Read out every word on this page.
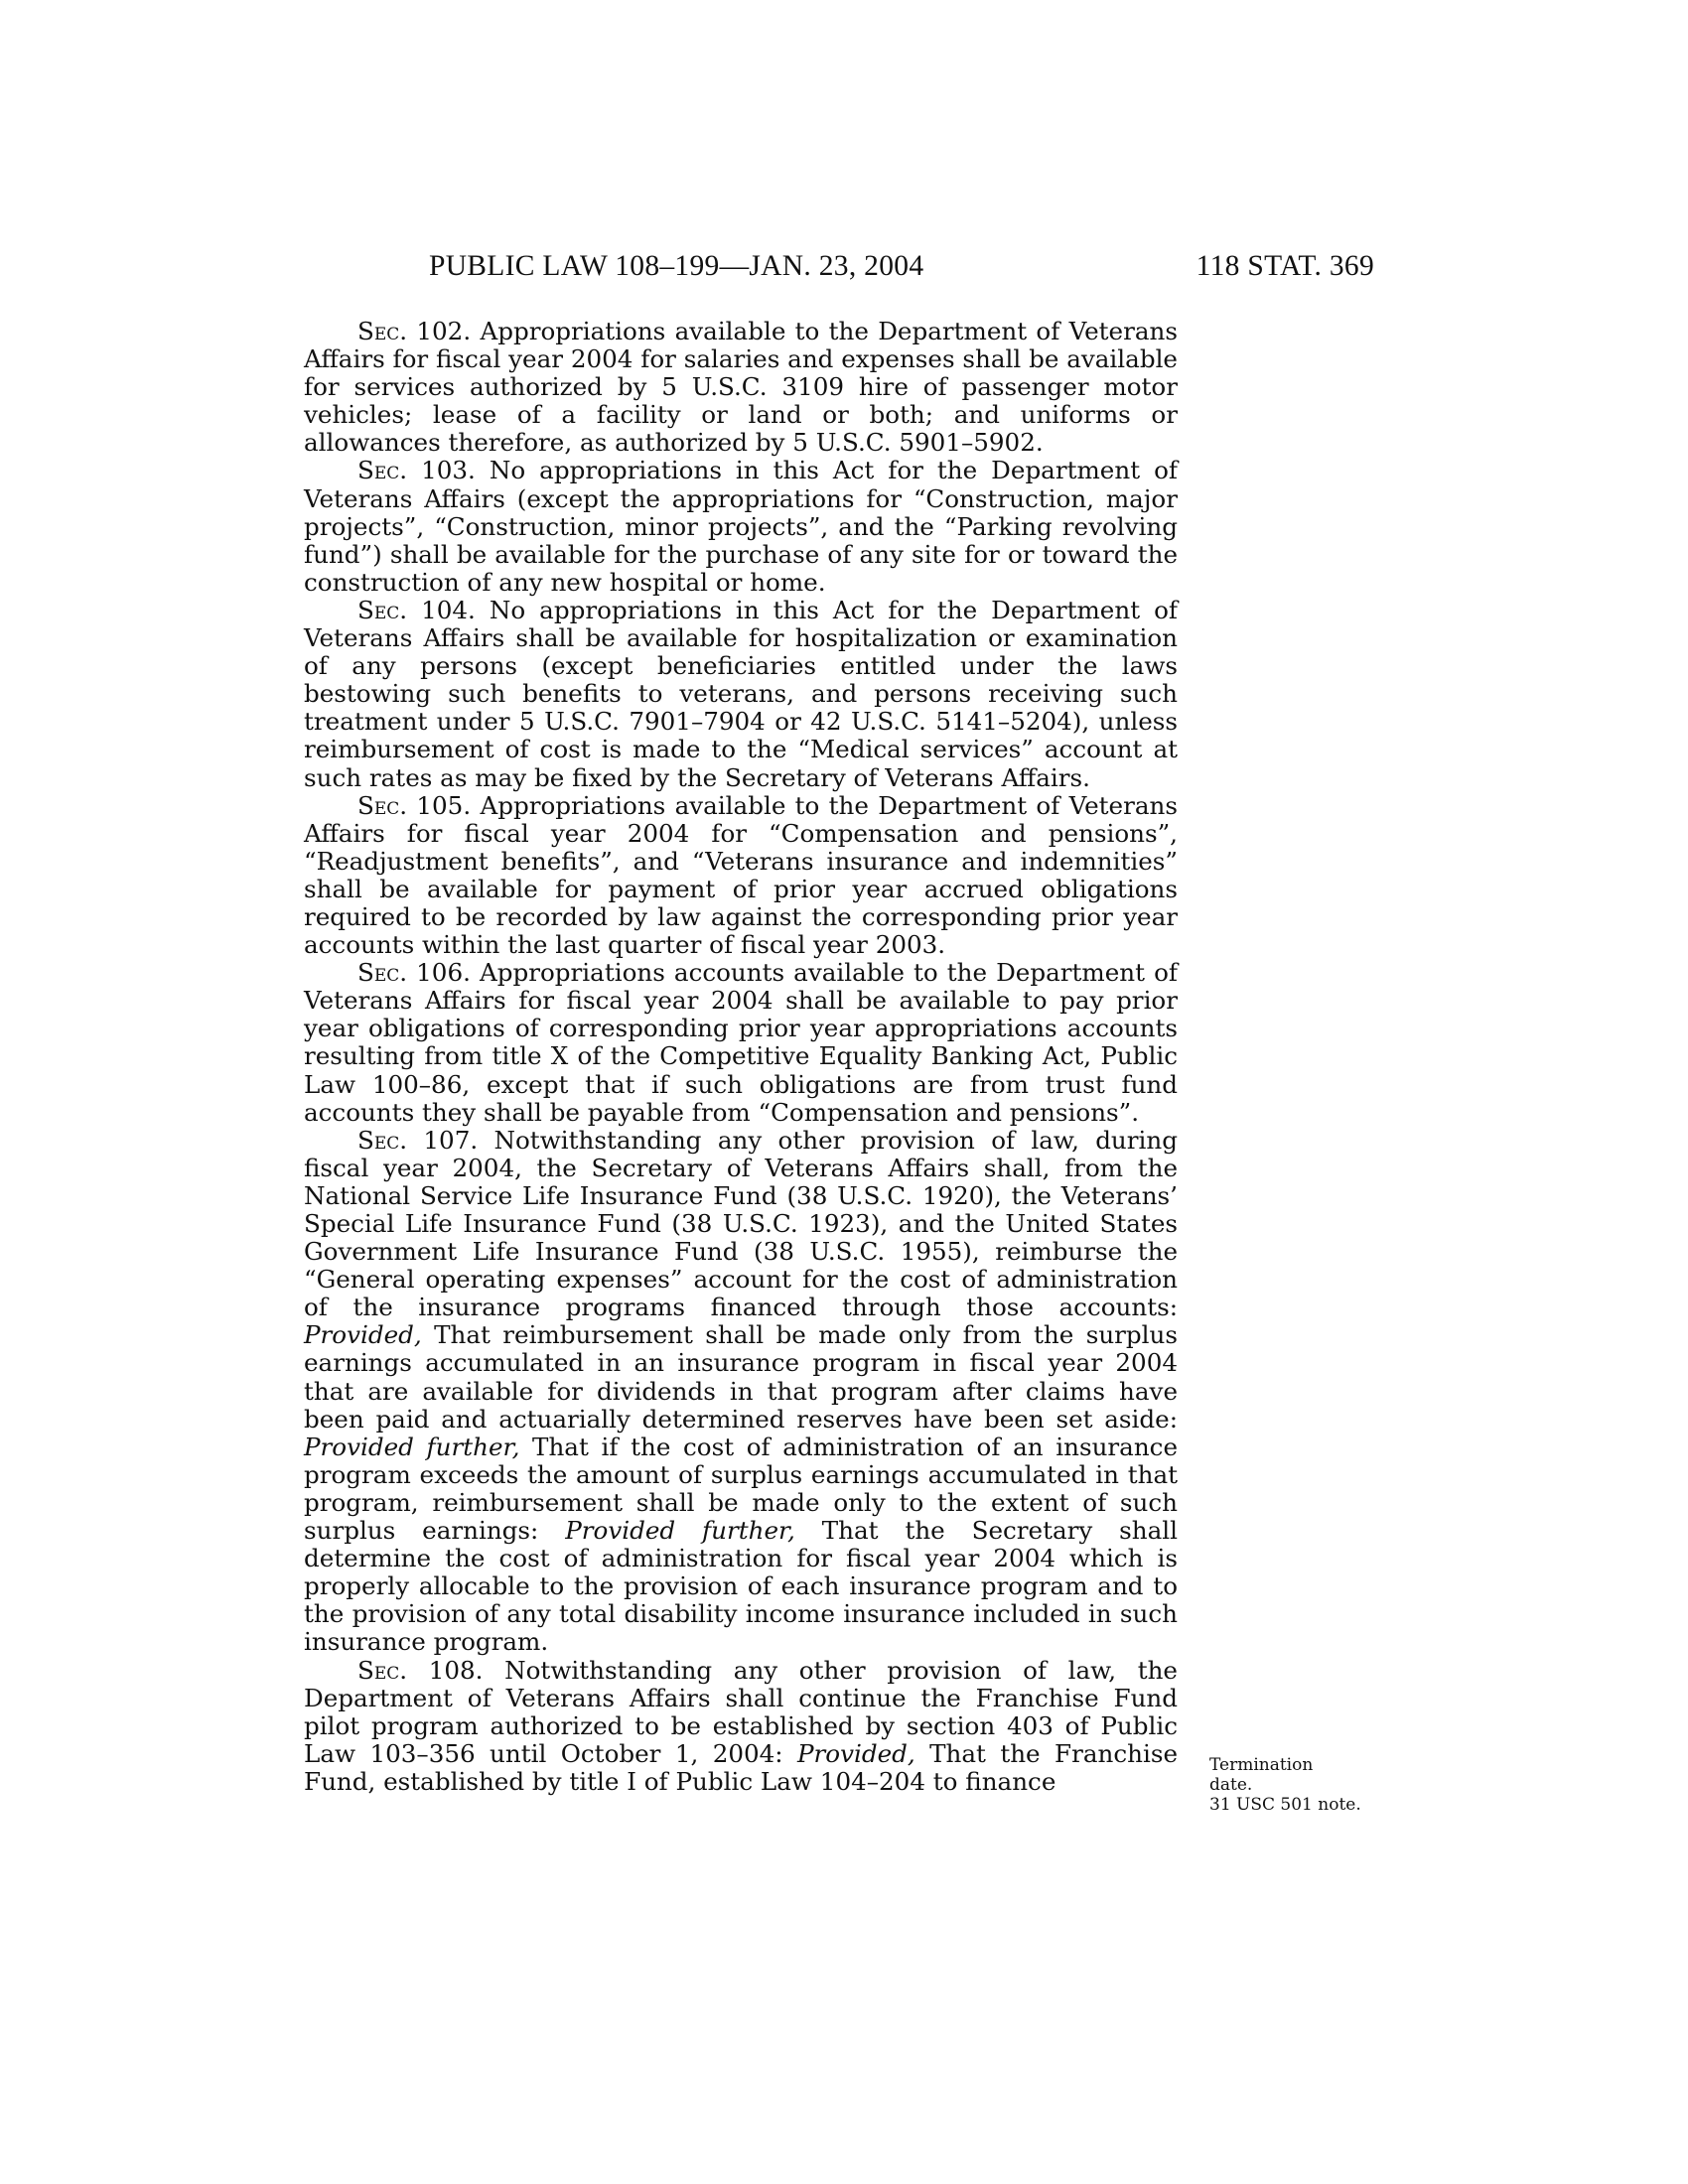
PUBLIC LAW 108–199—JAN. 23, 2004	118 STAT. 369

Sec. 102. Appropriations available to the Department of Veterans Affairs for fiscal year 2004 for salaries and expenses shall be available for services authorized by 5 U.S.C. 3109 hire of passenger motor vehicles; lease of a facility or land or both; and uniforms or allowances therefore, as authorized by 5 U.S.C. 5901–5902.

Sec. 103. No appropriations in this Act for the Department of Veterans Affairs (except the appropriations for “Construction, major projects”, “Construction, minor projects”, and the “Parking revolving fund”) shall be available for the purchase of any site for or toward the construction of any new hospital or home.

Sec. 104. No appropriations in this Act for the Department of Veterans Affairs shall be available for hospitalization or examination of any persons (except beneficiaries entitled under the laws bestowing such benefits to veterans, and persons receiving such treatment under 5 U.S.C. 7901–7904 or 42 U.S.C. 5141–5204), unless reimbursement of cost is made to the “Medical services” account at such rates as may be fixed by the Secretary of Veterans Affairs.

Sec. 105. Appropriations available to the Department of Veterans Affairs for fiscal year 2004 for “Compensation and pensions”, “Readjustment benefits”, and “Veterans insurance and indemnities” shall be available for payment of prior year accrued obligations required to be recorded by law against the corresponding prior year accounts within the last quarter of fiscal year 2003.

Sec. 106. Appropriations accounts available to the Department of Veterans Affairs for fiscal year 2004 shall be available to pay prior year obligations of corresponding prior year appropriations accounts resulting from title X of the Competitive Equality Banking Act, Public Law 100–86, except that if such obligations are from trust fund accounts they shall be payable from “Compensation and pensions”.

Sec. 107. Notwithstanding any other provision of law, during fiscal year 2004, the Secretary of Veterans Affairs shall, from the National Service Life Insurance Fund (38 U.S.C. 1920), the Veterans’ Special Life Insurance Fund (38 U.S.C. 1923), and the United States Government Life Insurance Fund (38 U.S.C. 1955), reimburse the “General operating expenses” account for the cost of administration of the insurance programs financed through those accounts: Provided, That reimbursement shall be made only from the surplus earnings accumulated in an insurance program in fiscal year 2004 that are available for dividends in that program after claims have been paid and actuarially determined reserves have been set aside: Provided further, That if the cost of administration of an insurance program exceeds the amount of surplus earnings accumulated in that program, reimbursement shall be made only to the extent of such surplus earnings: Provided further, That the Secretary shall determine the cost of administration for fiscal year 2004 which is properly allocable to the provision of each insurance program and to the provision of any total disability income insurance included in such insurance program.

Sec. 108. Notwithstanding any other provision of law, the Department of Veterans Affairs shall continue the Franchise Fund pilot program authorized to be established by section 403 of Public Law 103–356 until October 1, 2004: Provided, That the Franchise Fund, established by title I of Public Law 104–204 to finance

Termination
date.
31 USC 501 note.
